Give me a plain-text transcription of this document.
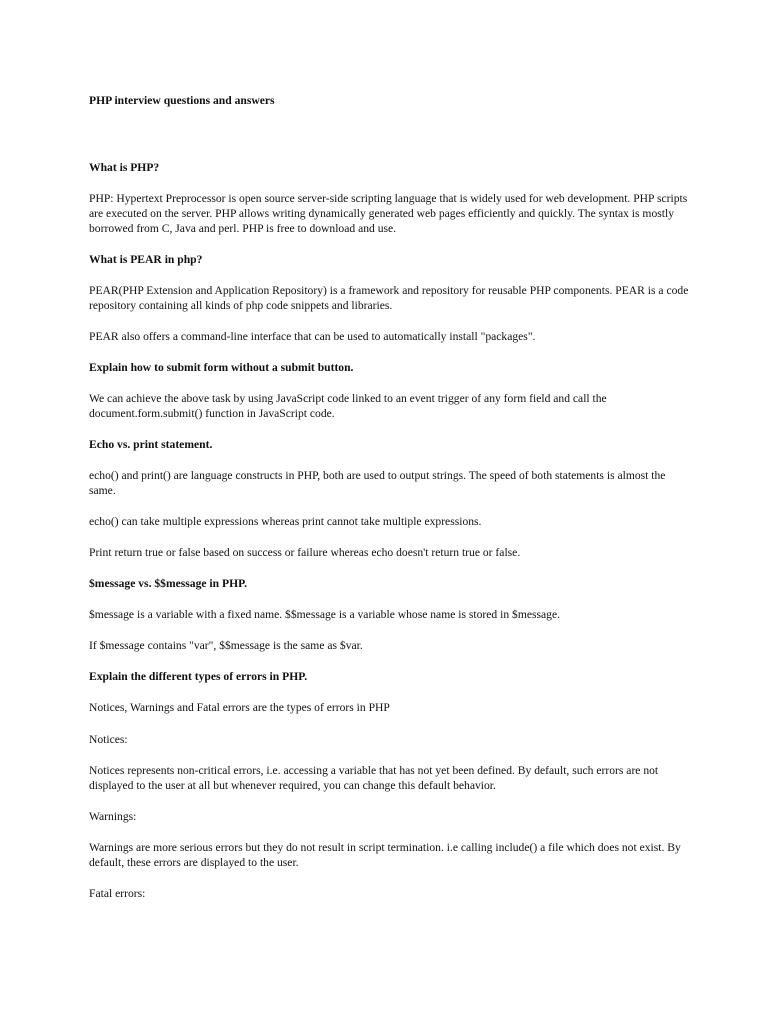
PHP interview questions and answers

What is PHP?

PHP: Hypertext Preprocessor is open source server-side scripting language that is widely used for web development. PHP scripts are executed on the server. PHP allows writing dynamically generated web pages efficiently and quickly. The syntax is mostly borrowed from C, Java and perl. PHP is free to download and use.

What is PEAR in php?

PEAR(PHP Extension and Application Repository) is a framework and repository for reusable PHP components. PEAR is a code repository containing all kinds of php code snippets and libraries.

PEAR also offers a command-line interface that can be used to automatically install "packages".

Explain how to submit form without a submit button.

We can achieve the above task by using JavaScript code linked to an event trigger of any form field and call the document.form.submit() function in JavaScript code.

Echo vs. print statement.

echo() and print() are language constructs in PHP, both are used to output strings. The speed of both statements is almost the same.

echo() can take multiple expressions whereas print cannot take multiple expressions.

Print return true or false based on success or failure whereas echo doesn't return true or false.

$message vs. $$message in PHP.

$message is a variable with a fixed name. $$message is a variable whose name is stored in $message.

If $message contains "var", $$message is the same as $var.

Explain the different types of errors in PHP.

Notices, Warnings and Fatal errors are the types of errors in PHP

Notices:

Notices represents non-critical errors, i.e. accessing a variable that has not yet been defined. By default, such errors are not displayed to the user at all but whenever required, you can change this default behavior.

Warnings:

Warnings are more serious errors but they do not result in script termination. i.e calling include() a file which does not exist. By default, these errors are displayed to the user.

Fatal errors:
